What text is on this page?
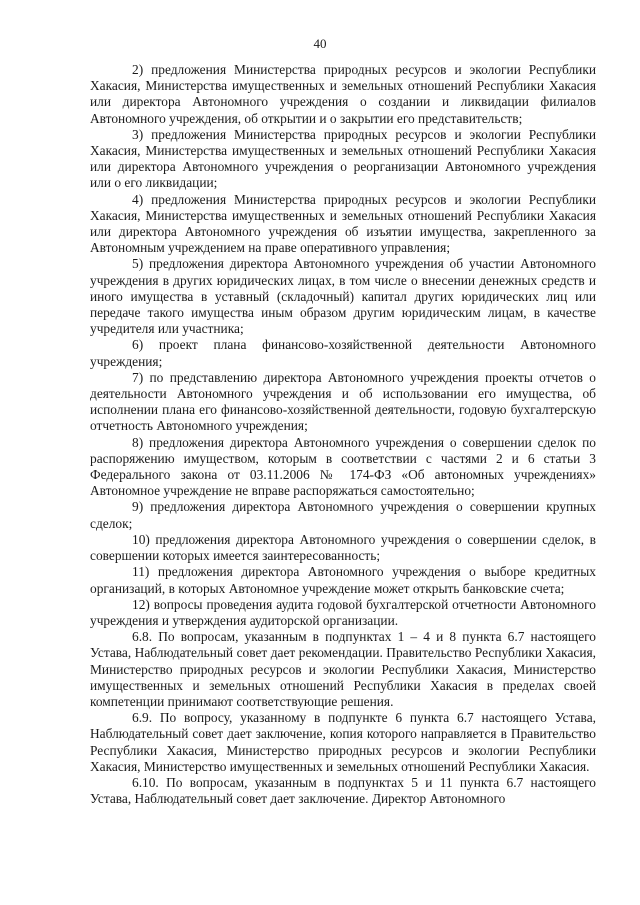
40

2) предложения Министерства природных ресурсов и экологии Республики Хакасия, Министерства имущественных и земельных отношений Республики Хакасия или директора Автономного учреждения о создании и ликвидации филиалов Автономного учреждения, об открытии и о закрытии его представительств;

3) предложения Министерства природных ресурсов и экологии Республики Хакасия, Министерства имущественных и земельных отношений Республики Хакасия или директора Автономного учреждения о реорганизации Автономного учреждения или о его ликвидации;

4) предложения Министерства природных ресурсов и экологии Республики Хакасия, Министерства имущественных и земельных отношений Республики Хакасия или директора Автономного учреждения об изъятии имущества, закрепленного за Автономным учреждением на праве оперативного управления;

5) предложения директора Автономного учреждения об участии Автономного учреждения в других юридических лицах, в том числе о внесении денежных средств и иного имущества в уставный (складочный) капитал других юридических лиц или передаче такого имущества иным образом другим юридическим лицам, в качестве учредителя или участника;

6) проект плана финансово-хозяйственной деятельности Автономного учреждения;

7) по представлению директора Автономного учреждения проекты отчетов о деятельности Автономного учреждения и об использовании его имущества, об исполнении плана его финансово-хозяйственной деятельности, годовую бухгалтерскую отчетность Автономного учреждения;

8) предложения директора Автономного учреждения о совершении сделок по распоряжению имуществом, которым в соответствии с частями 2 и 6 статьи 3 Федерального закона от 03.11.2006 № 174-ФЗ «Об автономных учреждениях» Автономное учреждение не вправе распоряжаться самостоятельно;

9) предложения директора Автономного учреждения о совершении крупных сделок;

10) предложения директора Автономного учреждения о совершении сделок, в совершении которых имеется заинтересованность;

11) предложения директора Автономного учреждения о выборе кредитных организаций, в которых Автономное учреждение может открыть банковские счета;

12) вопросы проведения аудита годовой бухгалтерской отчетности Автономного учреждения и утверждения аудиторской организации.

6.8. По вопросам, указанным в подпунктах 1 – 4 и 8 пункта 6.7 настоящего Устава, Наблюдательный совет дает рекомендации. Правительство Республики Хакасия, Министерство природных ресурсов и экологии Республики Хакасия, Министерство имущественных и земельных отношений Республики Хакасия в пределах своей компетенции принимают соответствующие решения.

6.9. По вопросу, указанному в подпункте 6 пункта 6.7 настоящего Устава, Наблюдательный совет дает заключение, копия которого направляется в Правительство Республики Хакасия, Министерство природных ресурсов и экологии Республики Хакасия, Министерство имущественных и земельных отношений Республики Хакасия.

6.10. По вопросам, указанным в подпунктах 5 и 11 пункта 6.7 настоящего Устава, Наблюдательный совет дает заключение. Директор Автономного
